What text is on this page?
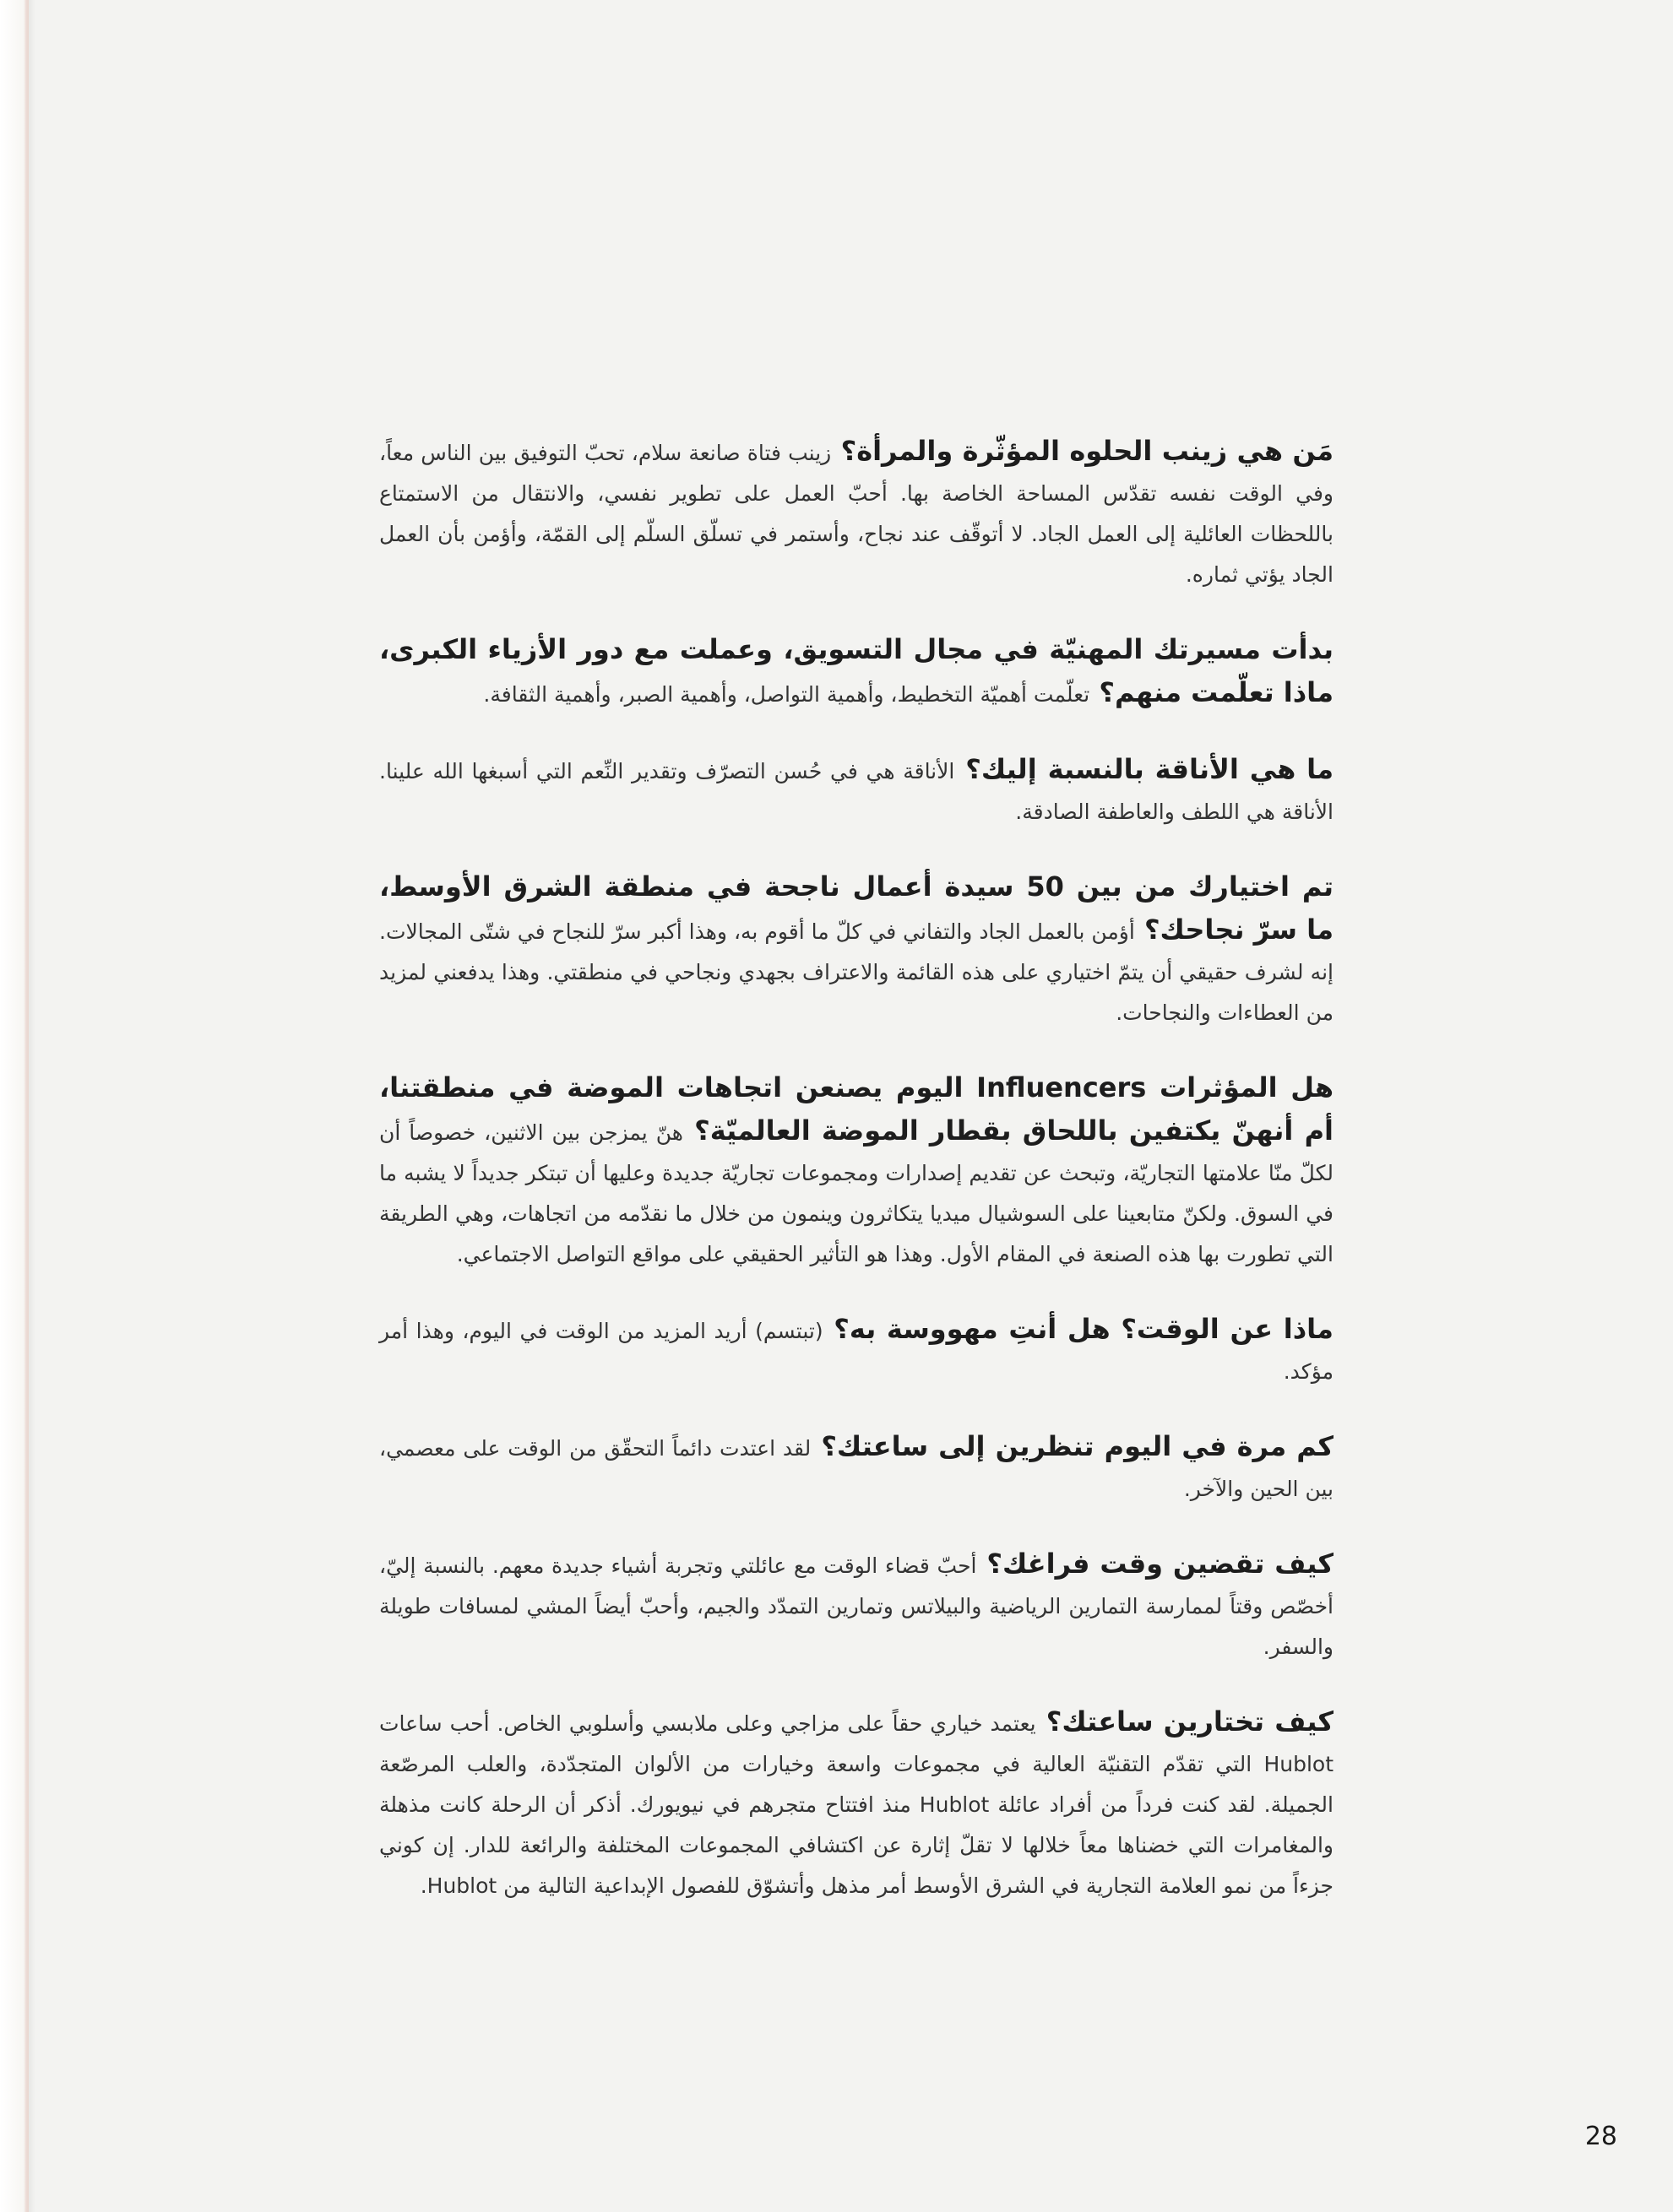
مَن هي زينب الحلوه المؤثّرة والمرأة؟ زينب فتاة صانعة سلام، تحبّ التوفيق بين الناس معاً، وفي الوقت نفسه تقدّس المساحة الخاصة بها. أحبّ العمل على تطوير نفسي، والانتقال من الاستمتاع باللحظات العائلية إلى العمل الجاد. لا أتوقّف عند نجاح، وأستمر في تسلّق السلّم إلى القمّة، وأؤمن بأن العمل الجاد يؤتي ثماره.

بدأت مسيرتك المهنيّة في مجال التسويق، وعملت مع دور الأزياء الكبرى، ماذا تعلّمت منهم؟ تعلّمت أهميّة التخطيط، وأهمية التواصل، وأهمية الصبر، وأهمية الثقافة.

ما هي الأناقة بالنسبة إليك؟ الأناقة هي في حُسن التصرّف وتقدير النِّعم التي أسبغها الله علينا. الأناقة هي اللطف والعاطفة الصادقة.

تم اختيارك من بين 50 سيدة أعمال ناجحة في منطقة الشرق الأوسط، ما سرّ نجاحك؟ أؤمن بالعمل الجاد والتفاني في كلّ ما أقوم به، وهذا أكبر سرّ للنجاح في شتّى المجالات. إنه لشرف حقيقي أن يتمّ اختياري على هذه القائمة والاعتراف بجهدي ونجاحي في منطقتي. وهذا يدفعني لمزيد من العطاءات والنجاحات.

هل المؤثرات Influencers اليوم يصنعن اتجاهات الموضة في منطقتنا، أم أنهنّ يكتفين باللحاق بقطار الموضة العالميّة؟ هنّ يمزجن بين الاثنين، خصوصاً أن لكلّ منّا علامتها التجاريّة، وتبحث عن تقديم إصدارات ومجموعات تجاريّة جديدة وعليها أن تبتكر جديداً لا يشبه ما في السوق. ولكنّ متابعينا على السوشيال ميديا يتكاثرون وينمون من خلال ما نقدّمه من اتجاهات، وهي الطريقة التي تطورت بها هذه الصنعة في المقام الأول. وهذا هو التأثير الحقيقي على مواقع التواصل الاجتماعي.

ماذا عن الوقت؟ هل أنتِ مهووسة به؟ (تبتسم) أريد المزيد من الوقت في اليوم، وهذا أمر مؤكد.

كم مرة في اليوم تنظرين إلى ساعتك؟ لقد اعتدت دائماً التحقّق من الوقت على معصمي، بين الحين والآخر.

كيف تقضين وقت فراغك؟ أحبّ قضاء الوقت مع عائلتي وتجربة أشياء جديدة معهم. بالنسبة إليّ، أخصّص وقتاً لممارسة التمارين الرياضية والبيلاتس وتمارين التمدّد والجيم، وأحبّ أيضاً المشي لمسافات طويلة والسفر.

كيف تختارين ساعتك؟ يعتمد خياري حقاً على مزاجي وعلى ملابسي وأسلوبي الخاص. أحب ساعات Hublot التي تقدّم التقنيّة العالية في مجموعات واسعة وخيارات من الألوان المتجدّدة، والعلب المرصّعة الجميلة. لقد كنت فرداً من أفراد عائلة Hublot منذ افتتاح متجرهم في نيويورك. أذكر أن الرحلة كانت مذهلة والمغامرات التي خضناها معاً خلالها لا تقلّ إثارة عن اكتشافي المجموعات المختلفة والرائعة للدار. إن كوني جزءاً من نمو العلامة التجارية في الشرق الأوسط أمر مذهل وأتشوّق للفصول الإبداعية التالية من Hublot.

28
